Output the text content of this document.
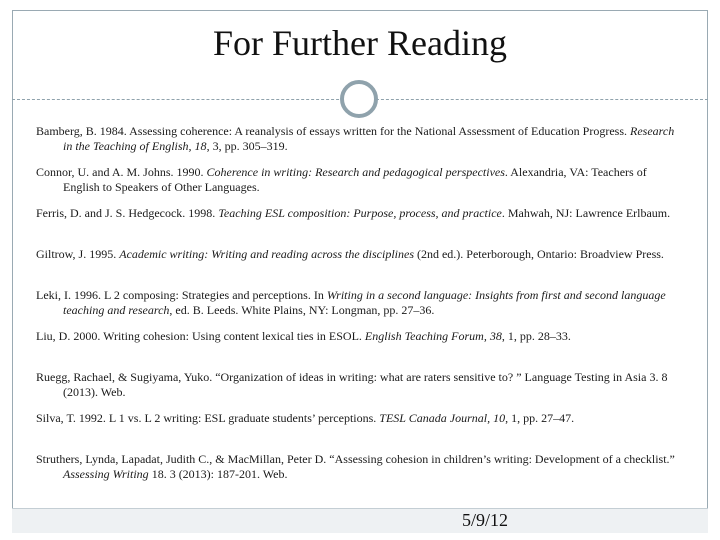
For Further Reading

Bamberg, B. 1984. Assessing coherence: A reanalysis of essays written for the National Assessment of Education Progress. Research in the Teaching of English, 18, 3, pp. 305–319.

Connor, U. and A. M. Johns. 1990. Coherence in writing: Research and pedagogical perspectives. Alexandria, VA: Teachers of English to Speakers of Other Languages.

Ferris, D. and J. S. Hedgecock. 1998. Teaching ESL composition: Purpose, process, and practice. Mahwah, NJ: Lawrence Erlbaum.

Giltrow, J. 1995. Academic writing: Writing and reading across the disciplines (2nd ed.). Peterborough, Ontario: Broadview Press.

Leki, I. 1996. L 2 composing: Strategies and perceptions. In Writing in a second language: Insights from first and second language teaching and research, ed. B. Leeds. White Plains, NY: Longman, pp. 27–36.

Liu, D. 2000. Writing cohesion: Using content lexical ties in ESOL. English Teaching Forum, 38, 1, pp. 28–33.

Ruegg, Rachael, & Sugiyama, Yuko. “Organization of ideas in writing: what are raters sensitive to? ” Language Testing in Asia 3. 8 (2013). Web.

Silva, T. 1992. L 1 vs. L 2 writing: ESL graduate students’ perceptions. TESL Canada Journal, 10, 1, pp. 27–47.

Struthers, Lynda, Lapadat, Judith C., & MacMillan, Peter D. “Assessing cohesion in children’s writing: Development of a checklist.” Assessing Writing 18. 3 (2013): 187-201. Web.

5/9/12
